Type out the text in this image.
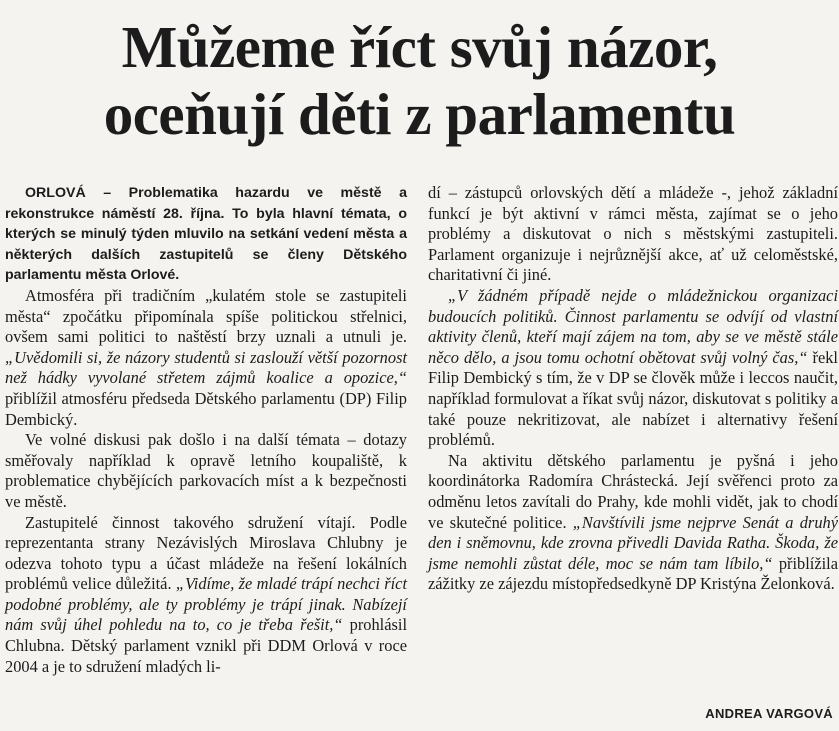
Můžeme říct svůj názor,
oceňují děti z parlamentu

ORLOVÁ – Problematika hazardu ve městě a rekonstrukce náměstí 28. října. To byla hlavní témata, o kterých se minulý týden mluvilo na setkání vedení města a některých dalších zastupitelů se členy Dětského parlamentu města Orlové.

Atmosféra při tradičním „kulatém stole se zastupiteli města“ zpočátku připomínala spíše politickou střelnici, ovšem sami politici to naštěstí brzy uznali a utnuli je. „Uvědomili si, že názory studentů si zaslouží větší pozornost než hádky vyvolané střetem zájmů koalice a opozice,“ přiblížil atmosféru předseda Dětského parlamentu (DP) Filip Dembický.

Ve volné diskusi pak došlo i na další témata – dotazy směřovaly například k opravě letního koupaliště, k problematice chybějících parkovacích míst a k bezpečnosti ve městě.

Zastupitelé činnost takového sdružení vítají. Podle reprezentanta strany Nezávislých Miroslava Chlubny je odezva tohoto typu a účast mládeže na řešení lokálních problémů velice důležitá. „Vidíme, že mladé trápí nechci říct podobné problémy, ale ty problémy je trápí jinak. Nabízejí nám svůj úhel pohledu na to, co je třeba řešit,“ prohlásil Chlubna. Dětský parlament vznikl při DDM Orlová v roce 2004 a je to sdružení mladých li-

dí – zástupců orlovských dětí a mládeže -, jehož základní funkcí je být aktivní v rámci města, zajímat se o jeho problémy a diskutovat o nich s městskými zastupiteli. Parlament organizuje i nejrůznější akce, ať už celoměstské, charitativní či jiné.

„V žádném případě nejde o mládežnickou organizaci budoucích politiků. Činnost parlamentu se odvíjí od vlastní aktivity členů, kteří mají zájem na tom, aby se ve městě stále něco dělo, a jsou tomu ochotní obětovat svůj volný čas,“ řekl Filip Dembický s tím, že v DP se člověk může i leccos naučit, například formulovat a říkat svůj názor, diskutovat s politiky a také pouze nekritizovat, ale nabízet i alternativy řešení problémů.

Na aktivitu dětského parlamentu je pyšná i jeho koordinátorka Radomíra Chrástecká. Její svěřenci proto za odměnu letos zavítali do Prahy, kde mohli vidět, jak to chodí ve skutečné politice. „Navštívili jsme nejprve Senát a druhý den i sněmovnu, kde zrovna přivedli Davida Ratha. Škoda, že jsme nemohli zůstat déle, moc se nám tam líbilo,“ přiblížila zážitky ze zájezdu místopředsedkyně DP Kristýna Želonková.

ANDREA VARGOVÁ
